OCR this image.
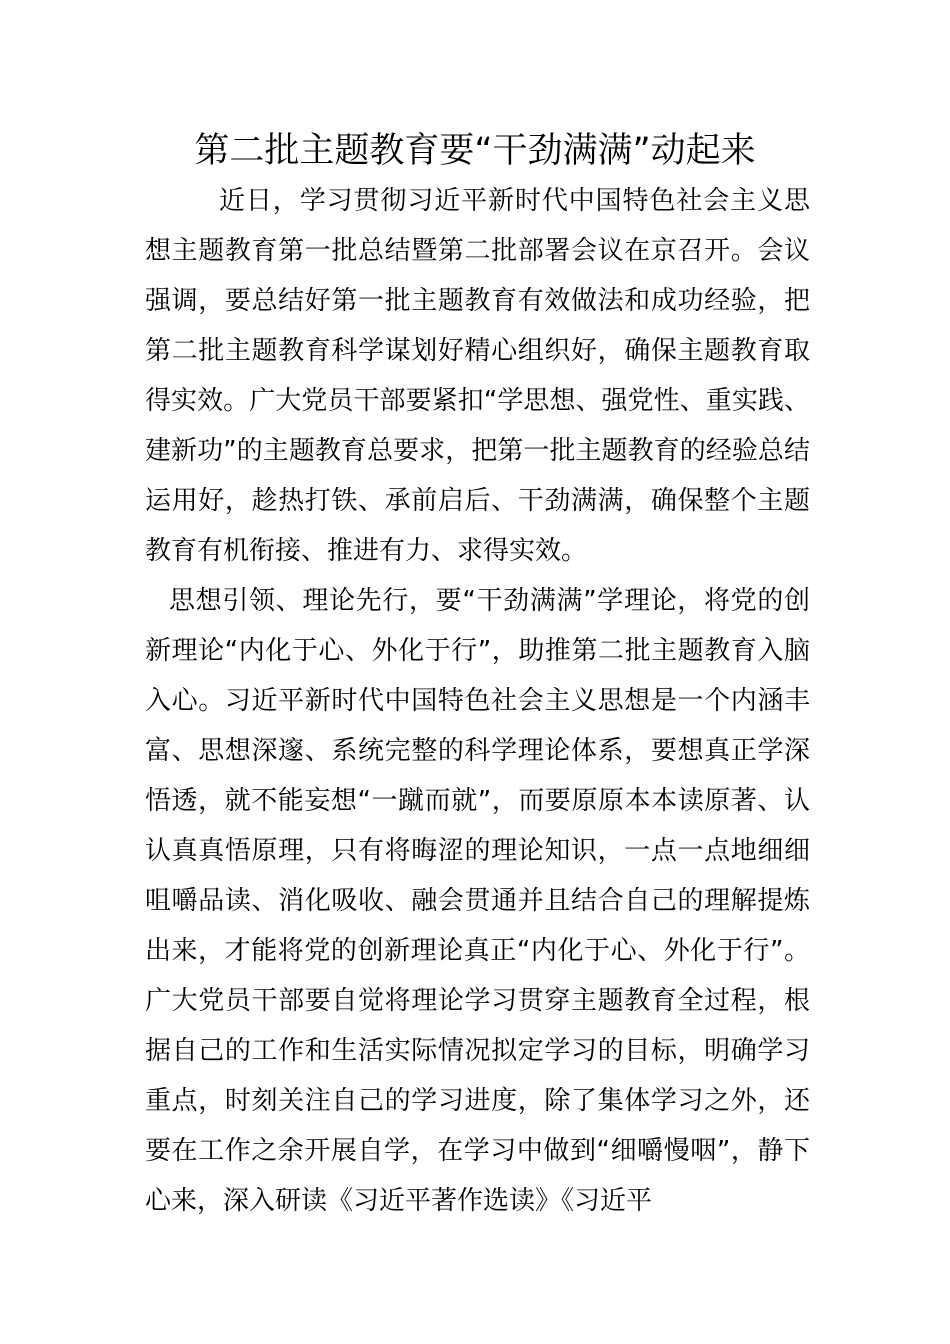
第二批主题教育要“干劲满满”动起来

近日，学习贯彻习近平新时代中国特色社会主义思想主题教育第一批总结暨第二批部署会议在京召开。会议强调，要总结好第一批主题教育有效做法和成功经验，把第二批主题教育科学谋划好精心组织好，确保主题教育取得实效。广大党员干部要紧扣“学思想、强党性、重实践、建新功”的主题教育总要求，把第一批主题教育的经验总结运用好，趁热打铁、承前启后、干劲满满，确保整个主题教育有机衔接、推进有力、求得实效。

思想引领、理论先行，要“干劲满满”学理论，将党的创新理论“内化于心、外化于行”，助推第二批主题教育入脑入心。习近平新时代中国特色社会主义思想是一个内涵丰富、思想深邃、系统完整的科学理论体系，要想真正学深悟透，就不能妄想“一蹴而就”，而要原原本本读原著、认认真真悟原理，只有将晦涩的理论知识，一点一点地细细咀嚼品读、消化吸收、融会贯通并且结合自己的理解提炼出来，才能将党的创新理论真正“内化于心、外化于行”。广大党员干部要自觉将理论学习贯穿主题教育全过程，根据自己的工作和生活实际情况拟定学习的目标，明确学习重点，时刻关注自己的学习进度，除了集体学习之外，还要在工作之余开展自学，在学习中做到“细嚼慢咽”，静下心来，深入研读《习近平著作选读》《习近平
